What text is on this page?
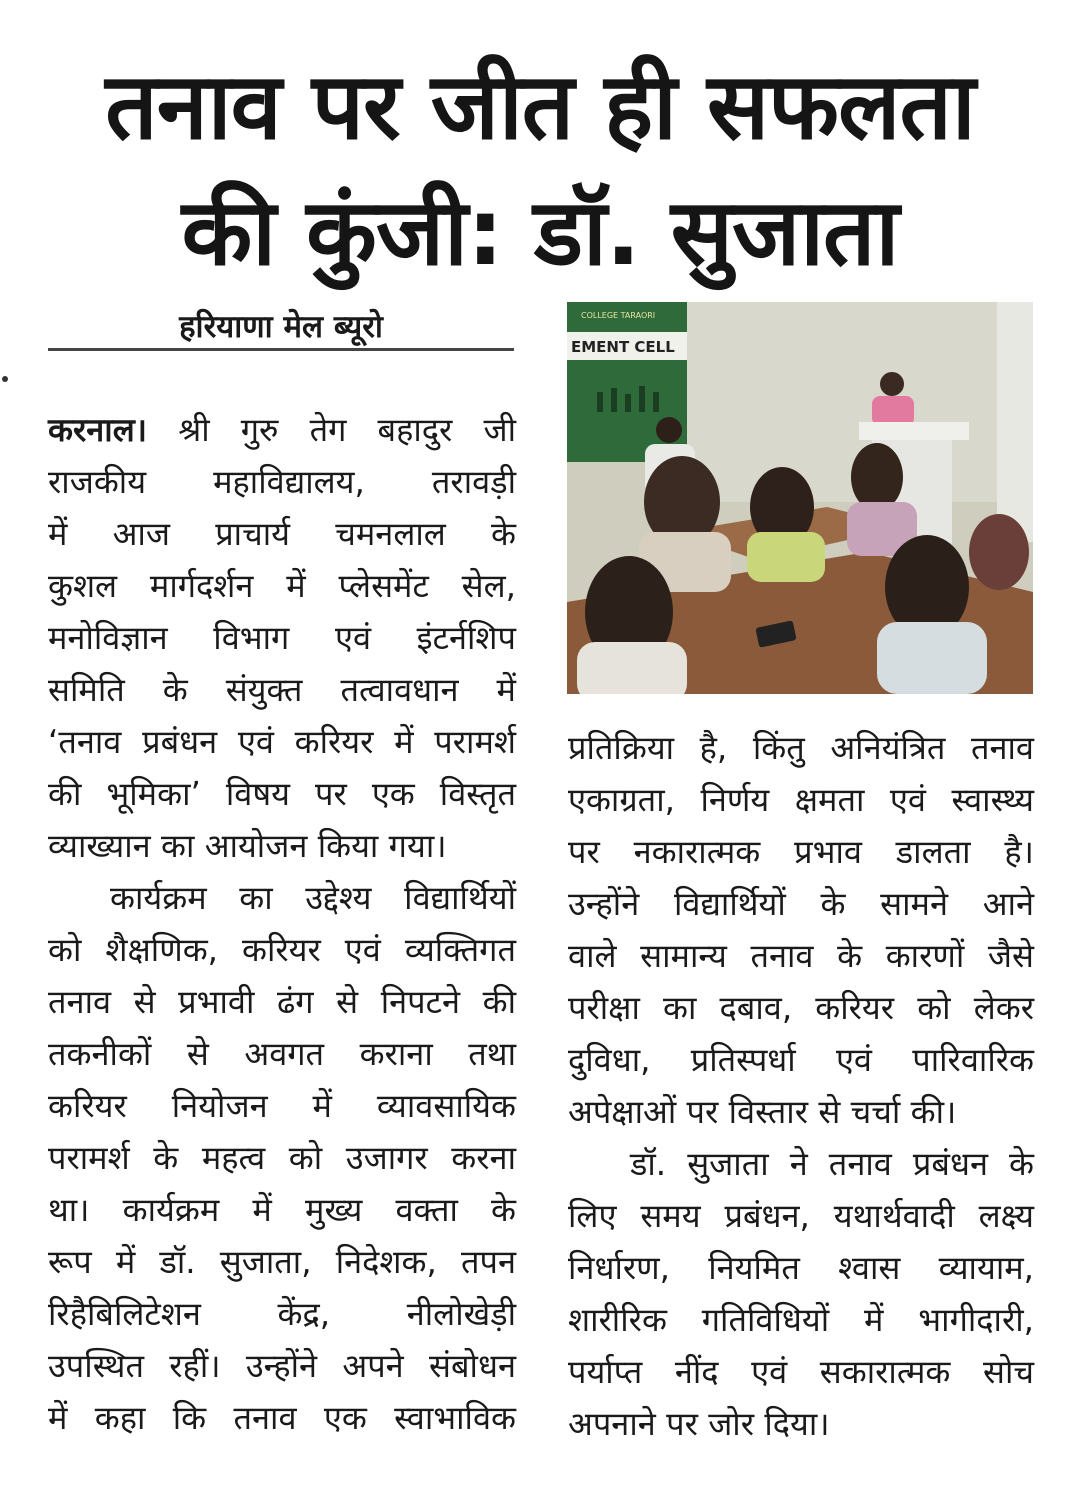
तनाव पर जीत ही सफलता
की कुंजी: डॉ. सुजाता
हरियाणा मेल ब्यूरो
करनाल। श्री गुरु तेग बहादुर जी
राजकीय महाविद्यालय, तरावड़ी
में आज प्राचार्य चमनलाल के
कुशल मार्गदर्शन में प्लेसमेंट सेल,
मनोविज्ञान विभाग एवं इंटर्नशिप
समिति के संयुक्त तत्वावधान में
‘तनाव प्रबंधन एवं करियर में परामर्श
की भूमिका’ विषय पर एक विस्तृत
व्याख्यान का आयोजन किया गया।
कार्यक्रम का उद्देश्य विद्यार्थियों
को शैक्षणिक, करियर एवं व्यक्तिगत
तनाव से प्रभावी ढंग से निपटने की
तकनीकों से अवगत कराना तथा
करियर नियोजन में व्यावसायिक
परामर्श के महत्व को उजागर करना
था। कार्यक्रम में मुख्य वक्ता के
रूप में डॉ. सुजाता, निदेशक, तपन
रिहैबिलिटेशन केंद्र, नीलोखेड़ी
उपस्थित रहीं। उन्होंने अपने संबोधन
में कहा कि तनाव एक स्वाभाविक
EMENT CELL
COLLEGE TARAORI
प्रतिक्रिया है, किंतु अनियंत्रित तनाव
एकाग्रता, निर्णय क्षमता एवं स्वास्थ्य
पर नकारात्मक प्रभाव डालता है।
उन्होंने विद्यार्थियों के सामने आने
वाले सामान्य तनाव के कारणों जैसे
परीक्षा का दबाव, करियर को लेकर
दुविधा, प्रतिस्पर्धा एवं पारिवारिक
अपेक्षाओं पर विस्तार से चर्चा की।
डॉ. सुजाता ने तनाव प्रबंधन के
लिए समय प्रबंधन, यथार्थवादी लक्ष्य
निर्धारण, नियमित श्वास व्यायाम,
शारीरिक गतिविधियों में भागीदारी,
पर्याप्त नींद एवं सकारात्मक सोच
अपनाने पर जोर दिया।
